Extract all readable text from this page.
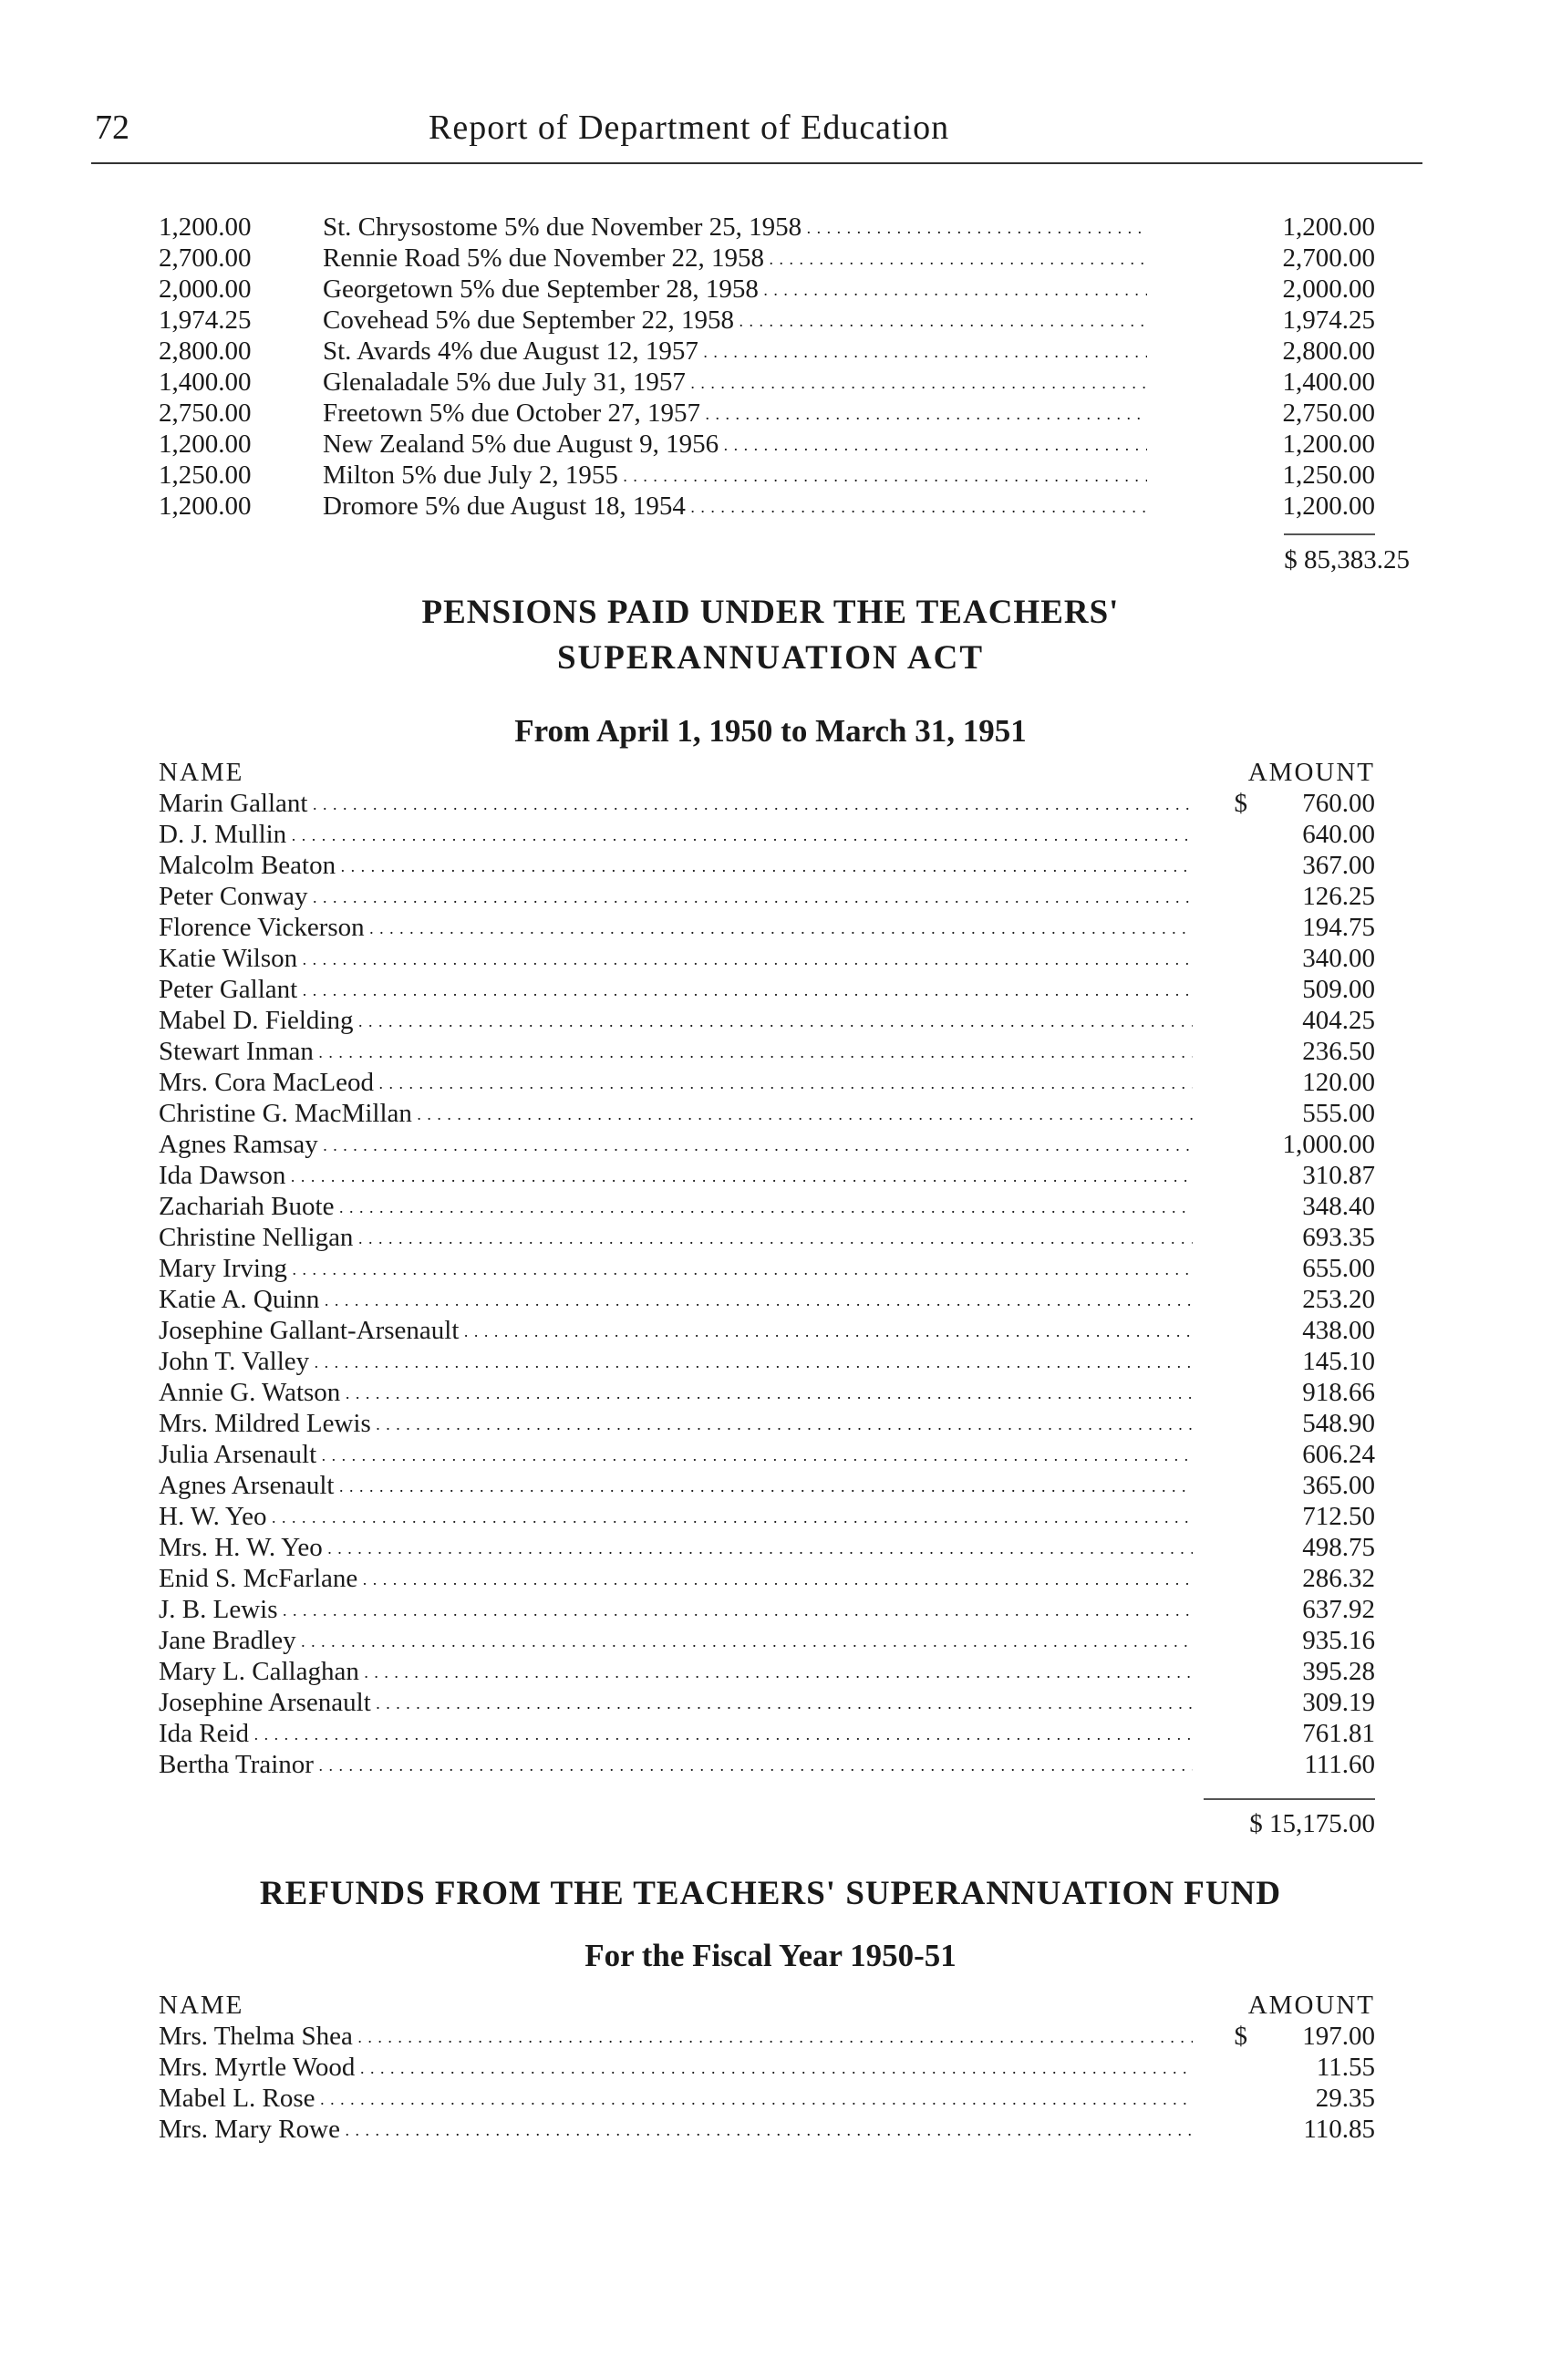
72	Report of Department of Education
1,200.00	St. Chrysostome 5% due November 25, 1958 . . .	1,200.00
2,700.00	Rennie Road 5% due November 22, 1958 . . .	2,700.00
2,000.00	Georgetown 5% due September 28, 1958 . . .	2,000.00
1,974.25	Covehead 5% due September 22, 1958 . . .	1,974.25
2,800.00	St. Avards 4% due August 12, 1957 . . .	2,800.00
1,400.00	Glenaladale 5% due July 31, 1957 . . .	1,400.00
2,750.00	Freetown 5% due October 27, 1957 . . .	2,750.00
1,200.00	New Zealand 5% due August 9, 1956 . . .	1,200.00
1,250.00	Milton 5% due July 2, 1955 . . .	1,250.00
1,200.00	Dromore 5% due August 18, 1954 . . .	1,200.00
$ 85,383.25
PENSIONS PAID UNDER THE TEACHERS'
SUPERANNUATION ACT
From April 1, 1950 to March 31, 1951
NAME	AMOUNT
Marin Gallant . . .	$	760.00
D. J. Mullin . . .	640.00
Malcolm Beaton . . .	367.00
Peter Conway . . .	126.25
Florence Vickerson . . .	194.75
Katie Wilson . . .	340.00
Peter Gallant . . .	509.00
Mabel D. Fielding . . .	404.25
Stewart Inman . . .	236.50
Mrs. Cora MacLeod . . .	120.00
Christine G. MacMillan . . .	555.00
Agnes Ramsay . . .	1,000.00
Ida Dawson . . .	310.87
Zachariah Buote . . .	348.40
Christine Nelligan . . .	693.35
Mary Irving . . .	655.00
Katie A. Quinn . . .	253.20
Josephine Gallant-Arsenault . . .	438.00
John T. Valley . . .	145.10
Annie G. Watson . . .	918.66
Mrs. Mildred Lewis . . .	548.90
Julia Arsenault . . .	606.24
Agnes Arsenault . . .	365.00
H. W. Yeo . . .	712.50
Mrs. H. W. Yeo . . .	498.75
Enid S. McFarlane . . .	286.32
J. B. Lewis . . .	637.92
Jane Bradley . . .	935.16
Mary L. Callaghan . . .	395.28
Josephine Arsenault . . .	309.19
Ida Reid . . .	761.81
Bertha Trainor . . .	111.60
$ 15,175.00
REFUNDS FROM THE TEACHERS' SUPERANNUATION FUND
For the Fiscal Year 1950-51
NAME	AMOUNT
Mrs. Thelma Shea . . .	$	197.00
Mrs. Myrtle Wood . . .	11.55
Mabel L. Rose . . .	29.35
Mrs. Mary Rowe . . .	110.85
